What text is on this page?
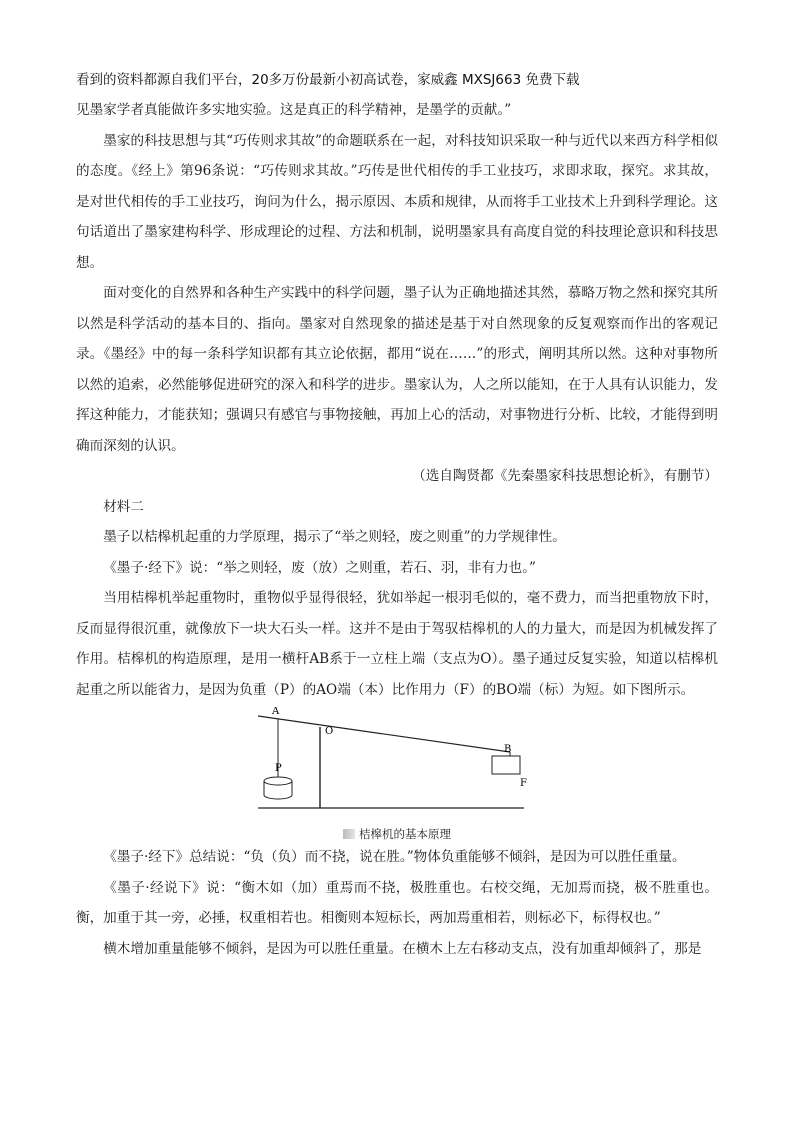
看到的资料都源自我们平台，20多万份最新小初高试卷，家威鑫 MXSJ663 免费下载

见墨家学者真能做许多实地实验。这是真正的科学精神，是墨学的贡献。”

墨家的科技思想与其“巧传则求其故”的命题联系在一起，对科技知识采取一种与近代以来西方科学相似的态度。《经上》第96条说：“巧传则求其故。”巧传是世代相传的手工业技巧，求即求取，探究。求其故，是对世代相传的手工业技巧，询问为什么，揭示原因、本质和规律，从而将手工业技术上升到科学理论。这句话道出了墨家建构科学、形成理论的过程、方法和机制，说明墨家具有高度自觉的科技理论意识和科技思想。

面对变化的自然界和各种生产实践中的科学问题，墨子认为正确地描述其然，慕略万物之然和探究其所以然是科学活动的基本目的、指向。墨家对自然现象的描述是基于对自然现象的反复观察而作出的客观记录。《墨经》中的每一条科学知识都有其立论依据，都用“说在……”的形式，阐明其所以然。这种对事物所以然的追索，必然能够促进研究的深入和科学的进步。墨家认为，人之所以能知，在于人具有认识能力，发挥这种能力，才能获知；强调只有感官与事物接触，再加上心的活动，对事物进行分析、比较，才能得到明确而深刻的认识。

（选自陶贤都《先秦墨家科技思想论析》，有删节）

材料二

墨子以桔槔机起重的力学原理，揭示了“举之则轻，废之则重”的力学规律性。

《墨子·经下》说：“举之则轻，废（放）之则重，若石、羽，非有力也。”

当用桔槔机举起重物时，重物似乎显得很轻，犹如举起一根羽毛似的，毫不费力，而当把重物放下时，反而显得很沉重，就像放下一块大石头一样。这并不是由于驾驭桔槔机的人的力量大，而是因为机械发挥了作用。桔槔机的构造原理，是用一横杆AB系于一立柱上端（支点为O）。墨子通过反复实验，知道以桔槔机起重之所以能省力，是因为负重（P）的AO端（本）比作用力（F）的BO端（标）为短。如下图所示。

A
O
P
B
F
桔槔机的基本原理

《墨子·经下》总结说：“负（负）而不挠，说在胜。”物体负重能够不倾斜，是因为可以胜任重量。

《墨子·经说下》说：“衡木如（加）重焉而不挠，极胜重也。右校交绳，无加焉而挠，极不胜重也。衡，加重于其一旁，必捶，权重相若也。相衡则本短标长，两加焉重相若，则标必下，标得权也。”

横木增加重量能够不倾斜，是因为可以胜任重量。在横木上左右移动支点，没有加重却倾斜了，那是
